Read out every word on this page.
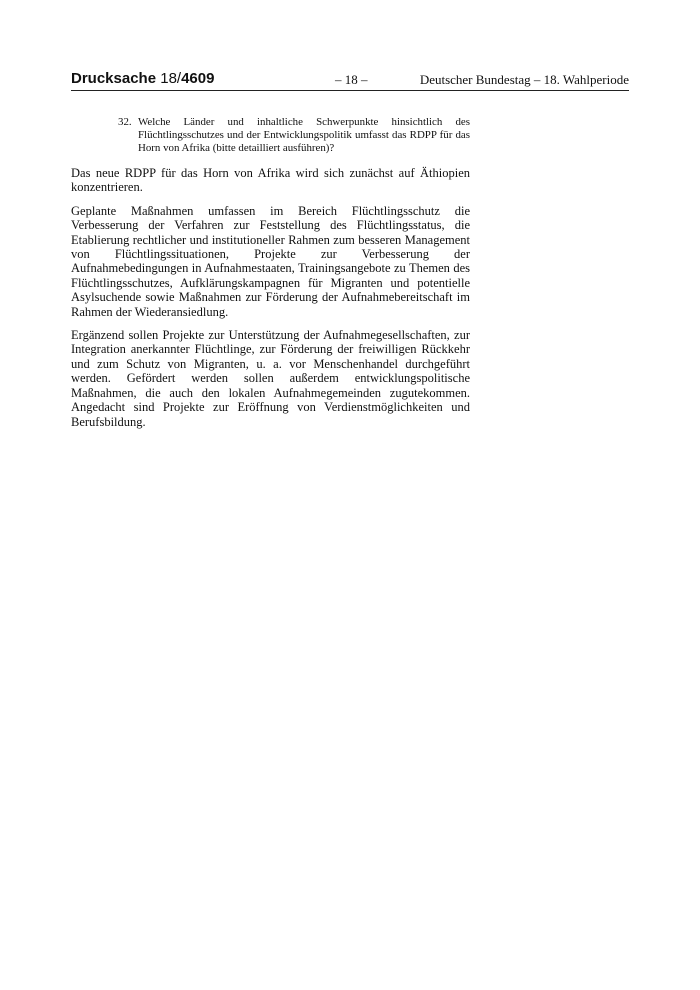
Drucksache 18/4609	– 18 –	Deutscher Bundestag – 18. Wahlperiode
32. Welche Länder und inhaltliche Schwerpunkte hinsichtlich des Flüchtlingsschutzes und der Entwicklungspolitik umfasst das RDPP für das Horn von Afrika (bitte detailliert ausführen)?

Das neue RDPP für das Horn von Afrika wird sich zunächst auf Äthiopien konzentrieren.

Geplante Maßnahmen umfassen im Bereich Flüchtlingsschutz die Verbesserung der Verfahren zur Feststellung des Flüchtlingsstatus, die Etablierung rechtlicher und institutioneller Rahmen zum besseren Management von Flüchtlingssituationen, Projekte zur Verbesserung der Aufnahmebedingungen in Aufnahmestaaten, Trainingsangebote zu Themen des Flüchtlingsschutzes, Aufklärungskampagnen für Migranten und potentielle Asylsuchende sowie Maßnahmen zur Förderung der Aufnahmebereitschaft im Rahmen der Wiederansiedlung.

Ergänzend sollen Projekte zur Unterstützung der Aufnahmegesellschaften, zur Integration anerkannter Flüchtlinge, zur Förderung der freiwilligen Rückkehr und zum Schutz von Migranten, u. a. vor Menschenhandel durchgeführt werden. Gefördert werden sollen außerdem entwicklungspolitische Maßnahmen, die auch den lokalen Aufnahmegemeinden zugutekommen. Angedacht sind Projekte zur Eröffnung von Verdienstmöglichkeiten und Berufsbildung.
